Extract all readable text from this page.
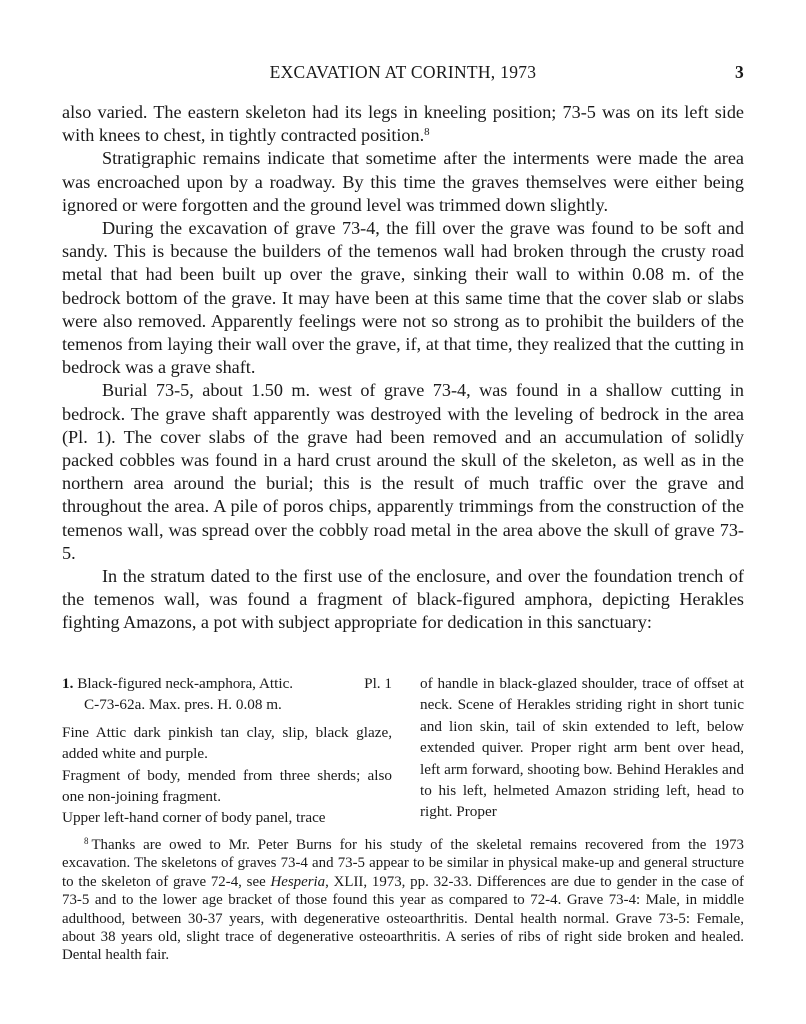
EXCAVATION AT CORINTH, 1973	3

also varied. The eastern skeleton had its legs in kneeling position; 73-5 was on its left side with knees to chest, in tightly contracted position.$^8$

Stratigraphic remains indicate that sometime after the interments were made the area was encroached upon by a roadway. By this time the graves themselves were either being ignored or were forgotten and the ground level was trimmed down slightly.

During the excavation of grave 73-4, the fill over the grave was found to be soft and sandy. This is because the builders of the temenos wall had broken through the crusty road metal that had been built up over the grave, sinking their wall to within 0.08 m. of the bedrock bottom of the grave. It may have been at this same time that the cover slab or slabs were also removed. Apparently feelings were not so strong as to prohibit the builders of the temenos from laying their wall over the grave, if, at that time, they realized that the cutting in bedrock was a grave shaft.

Burial 73-5, about 1.50 m. west of grave 73-4, was found in a shallow cutting in bedrock. The grave shaft apparently was destroyed with the leveling of bedrock in the area (Pl. 1). The cover slabs of the grave had been removed and an accumulation of solidly packed cobbles was found in a hard crust around the skull of the skeleton, as well as in the northern area around the burial; this is the result of much traffic over the grave and throughout the area. A pile of poros chips, apparently trimmings from the construction of the temenos wall, was spread over the cobbly road metal in the area above the skull of grave 73-5.

In the stratum dated to the first use of the enclosure, and over the foundation trench of the temenos wall, was found a fragment of black-figured amphora, depicting Herakles fighting Amazons, a pot with subject appropriate for dedication in this sanctuary:

1. Black-figured neck-amphora, Attic.	Pl. 1

C-73-62a. Max. pres. H. 0.08 m.

Fine Attic dark pinkish tan clay, slip, black glaze, added white and purple.

Fragment of body, mended from three sherds; also one non-joining fragment.

Upper left-hand corner of body panel, trace

of handle in black-glazed shoulder, trace of offset at neck. Scene of Herakles striding right in short tunic and lion skin, tail of skin extended to left, below extended quiver. Proper right arm bent over head, left arm forward, shooting bow. Behind Herakles and to his left, helmeted Amazon striding left, head to right. Proper

$^8$  Thanks are owed to Mr. Peter Burns for his study of the skeletal remains recovered from the 1973 excavation. The skeletons of graves 73-4 and 73-5 appear to be similar in physical make-up and general structure to the skeleton of grave 72-4, see Hesperia, XLII, 1973, pp. 32-33. Differences are due to gender in the case of 73-5 and to the lower age bracket of those found this year as compared to 72-4. Grave 73-4: Male, in middle adulthood, between 30-37 years, with degenerative osteoarthritis. Dental health normal. Grave 73-5: Female, about 38 years old, slight trace of degenerative osteoarthritis. A series of ribs of right side broken and healed. Dental health fair.
